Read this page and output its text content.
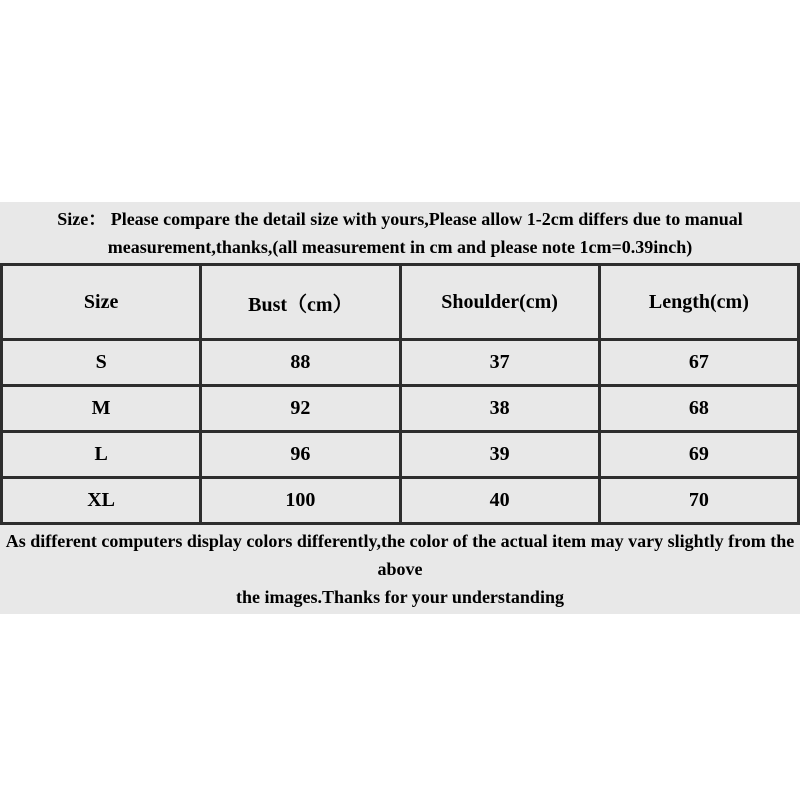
Size： Please compare the detail size with yours,Please allow 1-2cm differs due to manual
measurement,thanks,(all measurement in cm and please note 1cm=0.39inch)
Size	Bust（cm）	Shoulder(cm)	Length(cm)
S	88	37	67
M	92	38	68
L	96	39	69
XL	100	40	70
As different computers display colors differently,the color of the actual item may vary slightly from the above
the images.Thanks for your understanding
